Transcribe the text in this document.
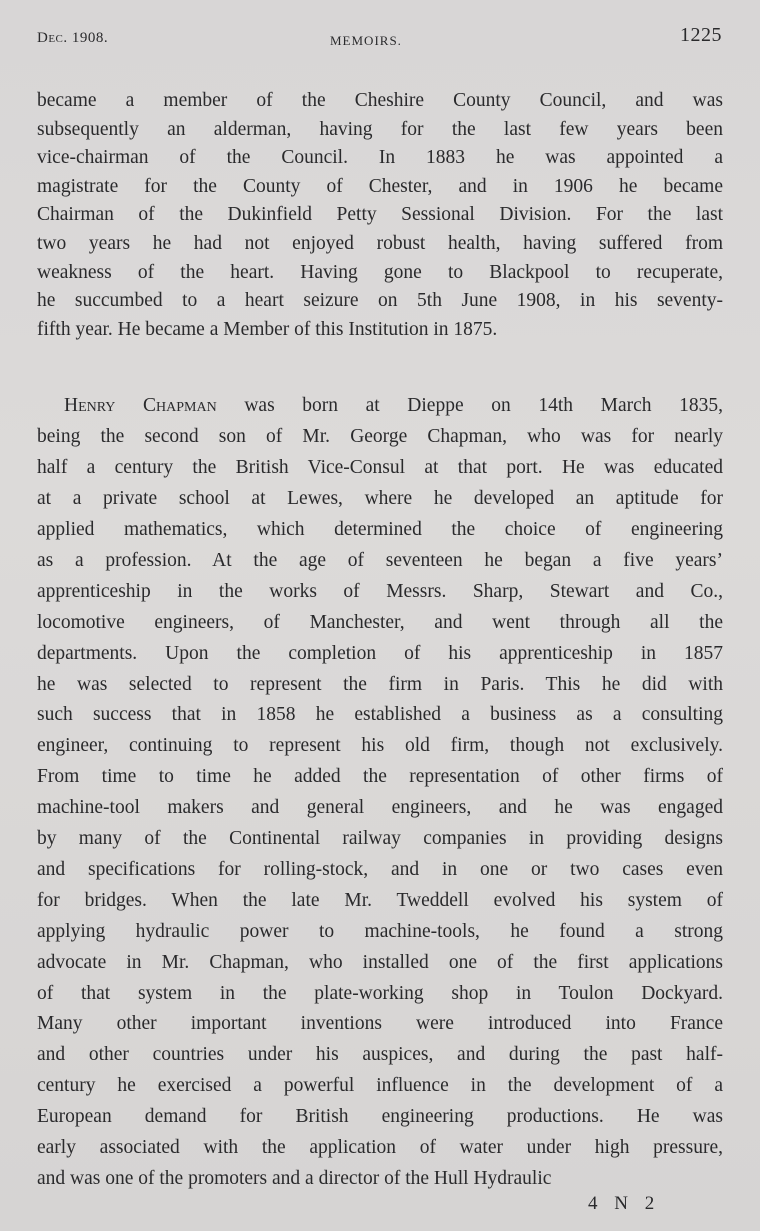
Dec. 1908.	MEMOIRS.	1225
became a member of the Cheshire County Council, and was
subsequently an alderman, having for the last few years been
vice-chairman of the Council. In 1883 he was appointed a
magistrate for the County of Chester, and in 1906 he became
Chairman of the Dukinfield Petty Sessional Division. For the last
two years he had not enjoyed robust health, having suffered from
weakness of the heart. Having gone to Blackpool to recuperate,
he succumbed to a heart seizure on 5th June 1908, in his seventy-
fifth year. He became a Member of this Institution in 1875.
Henry Chapman was born at Dieppe on 14th March 1835,
being the second son of Mr. George Chapman, who was for nearly
half a century the British Vice-Consul at that port. He was educated
at a private school at Lewes, where he developed an aptitude for
applied mathematics, which determined the choice of engineering
as a profession. At the age of seventeen he began a five years’
apprenticeship in the works of Messrs. Sharp, Stewart and Co.,
locomotive engineers, of Manchester, and went through all the
departments. Upon the completion of his apprenticeship in 1857
he was selected to represent the firm in Paris. This he did with
such success that in 1858 he established a business as a consulting
engineer, continuing to represent his old firm, though not exclusively.
From time to time he added the representation of other firms of
machine-tool makers and general engineers, and he was engaged
by many of the Continental railway companies in providing designs
and specifications for rolling-stock, and in one or two cases even
for bridges. When the late Mr. Tweddell evolved his system of
applying hydraulic power to machine-tools, he found a strong
advocate in Mr. Chapman, who installed one of the first applications
of that system in the plate-working shop in Toulon Dockyard.
Many other important inventions were introduced into France
and other countries under his auspices, and during the past half-
century he exercised a powerful influence in the development of a
European demand for British engineering productions. He was
early associated with the application of water under high pressure,
and was one of the promoters and a director of the Hull Hydraulic
4 N 2
